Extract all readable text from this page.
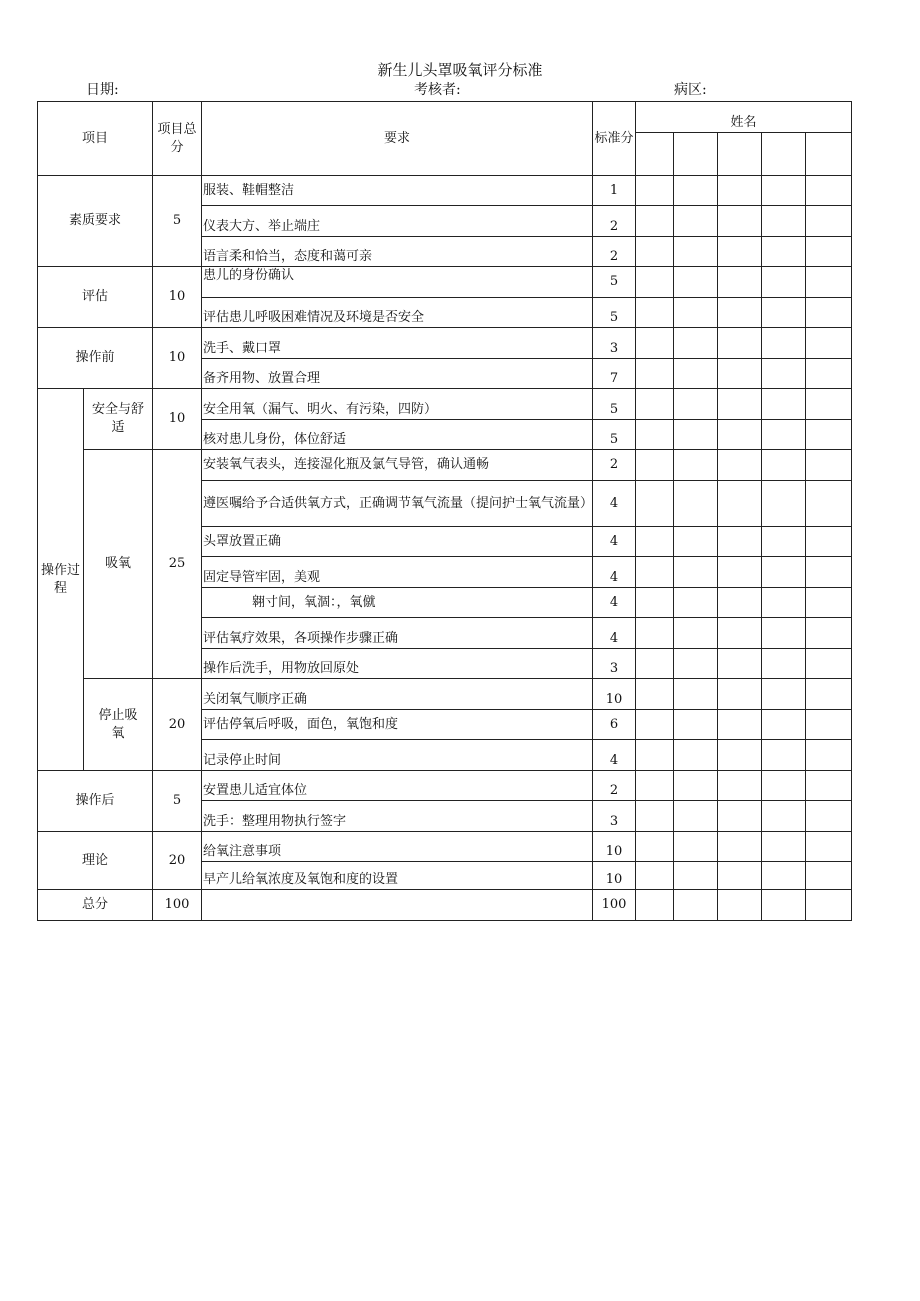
新生儿头罩吸氧评分标准
日期:	考核者:	病区:
项目		项目总分	要求	标准分	姓名				

素质要求		5	服装、鞋帽整洁	1					
			仪表大方、举止端庄	2					
			语言柔和恰当，态度和蔼可亲	2					
评估		10	患儿的身份确认	5					
			评估患儿呼吸困难情况及环境是否安全	5					
操作前		10	洗手、戴口罩	3					
			备齐用物、放置合理	7					
操作过程	安全与舒适	10	安全用氧（漏气、明火、有污染，四防）	5					
			核对患儿身份，体位舒适	5					
	吸氧	25	安装氧气表头，连接湿化瓶及氯气导管，确认通畅	2					
			遵医嘱给予合适供氧方式，正确调节氧气流量（提问护士氧气流量）	4					
			头罩放置正确	4					
			固定导管牢固，美观	4					
			翱寸间，氧涸：，氧僦	4					
			评估氧疗效果，各项操作步骤正确	4					
			操作后洗手，用物放回原处	3					
	停止吸氧	20	关闭氧气顺序正确	10					
			评估停氧后呼吸，面色，氧饱和度	6					
			记录停止时间	4					
操作后		5	安置患儿适宜体位	2					
			洗手：整理用物执行签字	3					
理论		20	给氧注意事项	10					
			早产儿给氧浓度及氧饱和度的设置	10					
总分		100		100					
